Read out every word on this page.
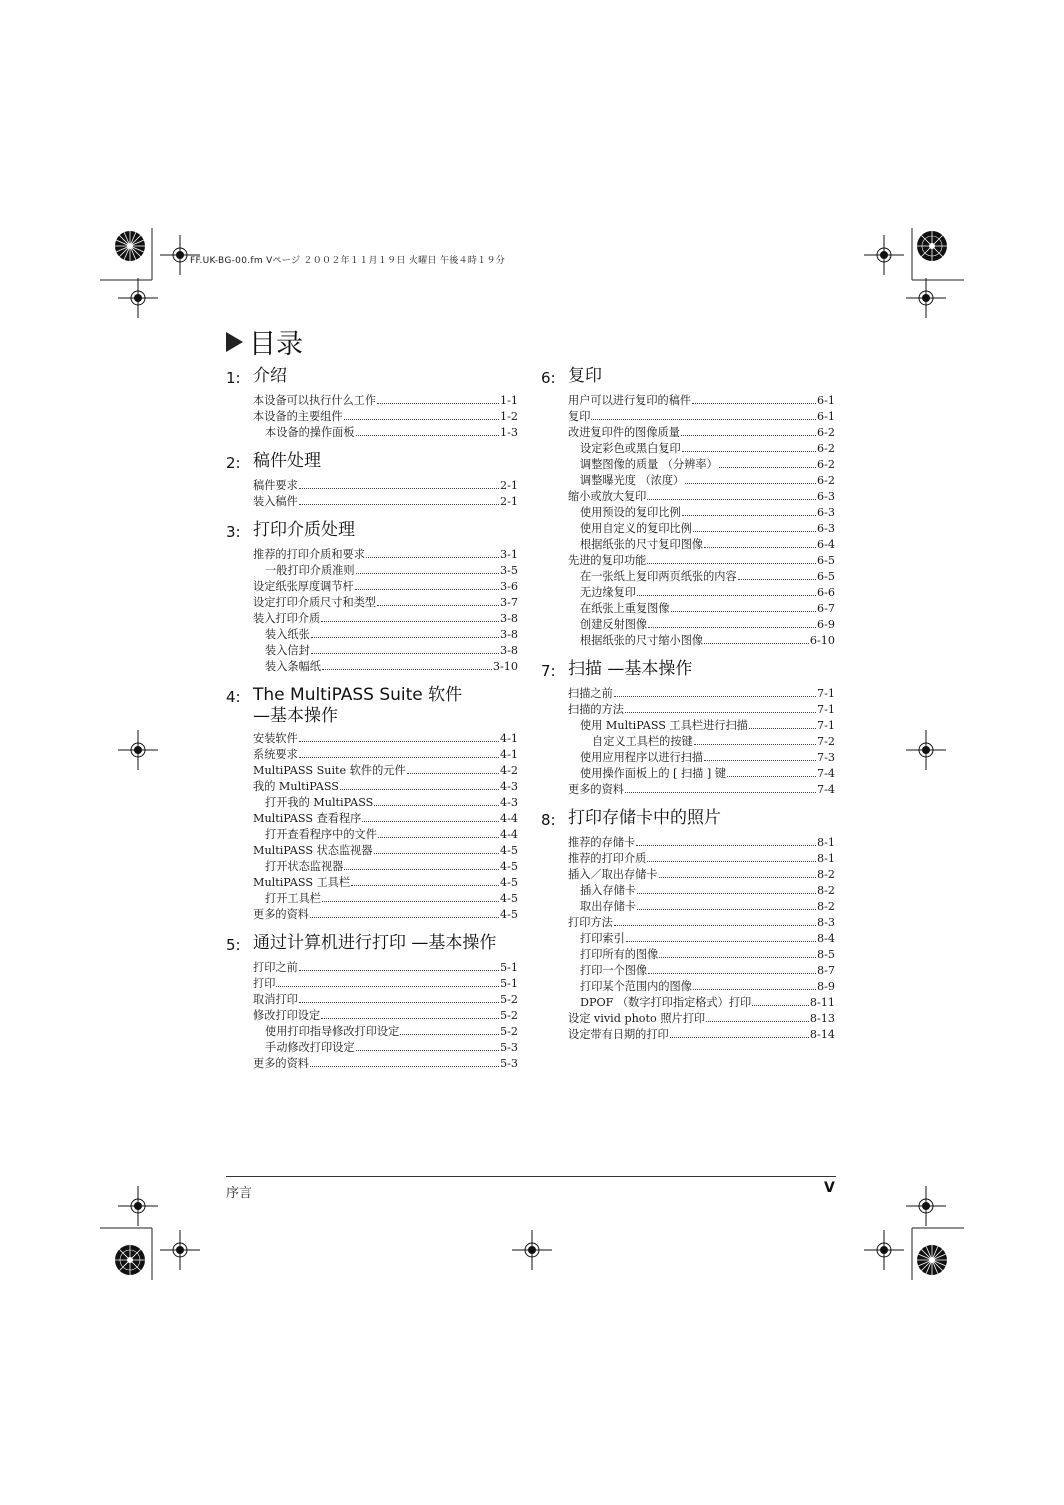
FF.UK-BG-00.fm Vページ ２００２年１１月１９日 火曜日 午後４時１９分
目录
1: 介绍
本设备可以执行什么工作	1-1
本设备的主要组件	1-2
本设备的操作面板	1-3
2: 稿件处理
稿件要求	2-1
装入稿件	2-1
3: 打印介质处理
推荐的打印介质和要求	3-1
一般打印介质准则	3-5
设定纸张厚度调节杆	3-6
设定打印介质尺寸和类型	3-7
装入打印介质	3-8
装入纸张	3-8
装入信封	3-8
装入条幅纸	3-10
4: The MultiPASS Suite 软件
—基本操作
安装软件	4-1
系统要求	4-1
MultiPASS Suite 软件的元件	4-2
我的 MultiPASS	4-3
打开我的 MultiPASS	4-3
MultiPASS 查看程序	4-4
打开查看程序中的文件	4-4
MultiPASS 状态监视器	4-5
打开状态监视器	4-5
MultiPASS 工具栏	4-5
打开工具栏	4-5
更多的资料	4-5
5: 通过计算机进行打印 —基本操作
打印之前	5-1
打印	5-1
取消打印	5-2
修改打印设定	5-2
使用打印指导修改打印设定	5-2
手动修改打印设定	5-3
更多的资料	5-3
6: 复印
用户可以进行复印的稿件	6-1
复印	6-1
改进复印件的图像质量	6-2
设定彩色或黑白复印	6-2
调整图像的质量 （分辨率）	6-2
调整曝光度 （浓度）	6-2
缩小或放大复印	6-3
使用预设的复印比例	6-3
使用自定义的复印比例	6-3
根据纸张的尺寸复印图像	6-4
先进的复印功能	6-5
在一张纸上复印两页纸张的内容	6-5
无边缘复印	6-6
在纸张上重复图像	6-7
创建反射图像	6-9
根据纸张的尺寸缩小图像	6-10
7: 扫描 —基本操作
扫描之前	7-1
扫描的方法	7-1
使用 MultiPASS 工具栏进行扫描	7-1
自定义工具栏的按键	7-2
使用应用程序以进行扫描	7-3
使用操作面板上的 [ 扫描 ] 键	7-4
更多的资料	7-4
8: 打印存储卡中的照片
推荐的存储卡	8-1
推荐的打印介质	8-1
插入／取出存储卡	8-2
插入存储卡	8-2
取出存储卡	8-2
打印方法	8-3
打印索引	8-4
打印所有的图像	8-5
打印一个图像	8-7
打印某个范围内的图像	8-9
DPOF （数字打印指定格式）打印	8-11
设定 vivid photo 照片打印	8-13
设定带有日期的打印	8-14
序言	V
